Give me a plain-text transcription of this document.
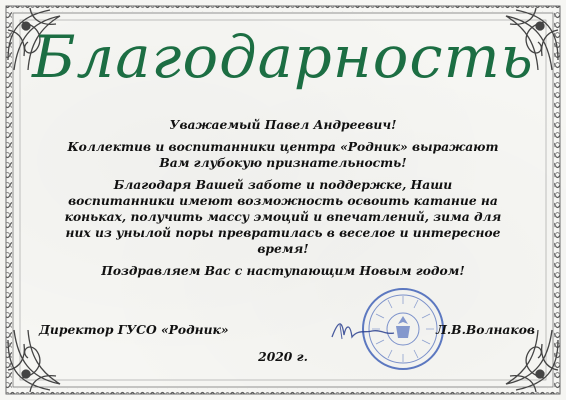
Благодарность

Уважаемый Павел Андреевич!

Коллектив и воспитанники центра «Родник» выражают Вам глубокую признательность!

Благодаря Вашей заботе и поддержке, Наши воспитанники имеют возможность освоить катание на коньках, получить массу эмоций и впечатлений, зима для них из унылой поры превратилась в веселое и интересное время!

Поздравляем Вас с наступающим Новым годом!

Директор ГУСО «Родник»	Л.В.Волнаков
2020 г.
